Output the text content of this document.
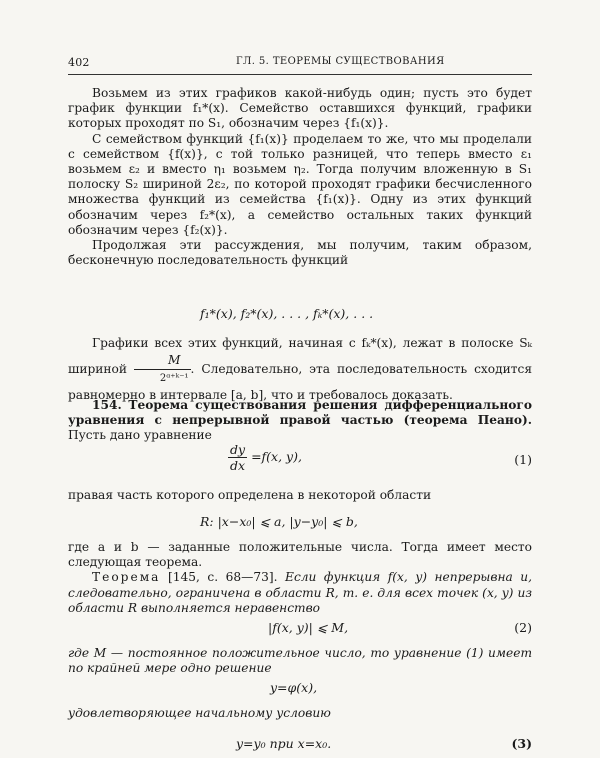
402	ГЛ. 5. ТЕОРЕМЫ СУЩЕСТВОВАНИЯ

Возьмем из этих графиков какой-нибудь один; пусть это будет график функции f₁*(x). Семейство оставшихся функций, графики которых проходят по S₁, обозначим через {f₁(x)}.

С семейством функций {f₁(x)} проделаем то же, что мы проделали с семейством {f(x)}, с той только разницей, что теперь вместо ε₁ возьмем ε₂ и вместо η₁ возьмем η₂. Тогда получим вложенную в S₁ полоску S₂ шириной 2ε₂, по которой проходят графики бесчисленного множества функций из семейства {f₁(x)}. Одну из этих функций обозначим через f₂*(x), а семейство остальных таких функций обозначим через {f₂(x)}.

Продолжая эти рассуждения, мы получим, таким образом, бесконечную последовательность функций

f₁*(x), f₂*(x), . . . , fₖ*(x), . . .

Графики всех этих функций, начиная с fₖ*(x), лежат в полоске Sₖ шириной $\frac{M}{\text{2ᵅ⁺ᵏ⁻¹}}$ . Следовательно, эта последовательность сходится равномерно в интервале [a, b], что и требовалось доказать.

154. Теорема существования решения дифференциального уравнения с непрерывной правой частью (теорема Пеано). Пусть дано уравнение

$\frac{dy}{dx} =f(x$, y),	(1)

правая часть которого определена в некоторой области

R: |x−x₀| ⩽ a, |y−y₀| ⩽ b,

где a и b — заданные положительные числа. Тогда имеет место следующая теорема.

Теорема [145, с. 68—73]. Если функция f(x, y) непрерывна и, следовательно, ограничена в области R, т. е. для всех точек (x, y) из области R выполняется неравенство

|f(x, y)| ⩽ M,	(2)

где M — постоянное положительное число, то уравнение (1) имеет по крайней мере одно решение

y=φ(x),

удовлетворяющее начальному условию

y=y₀ при x=x₀.	(3)
